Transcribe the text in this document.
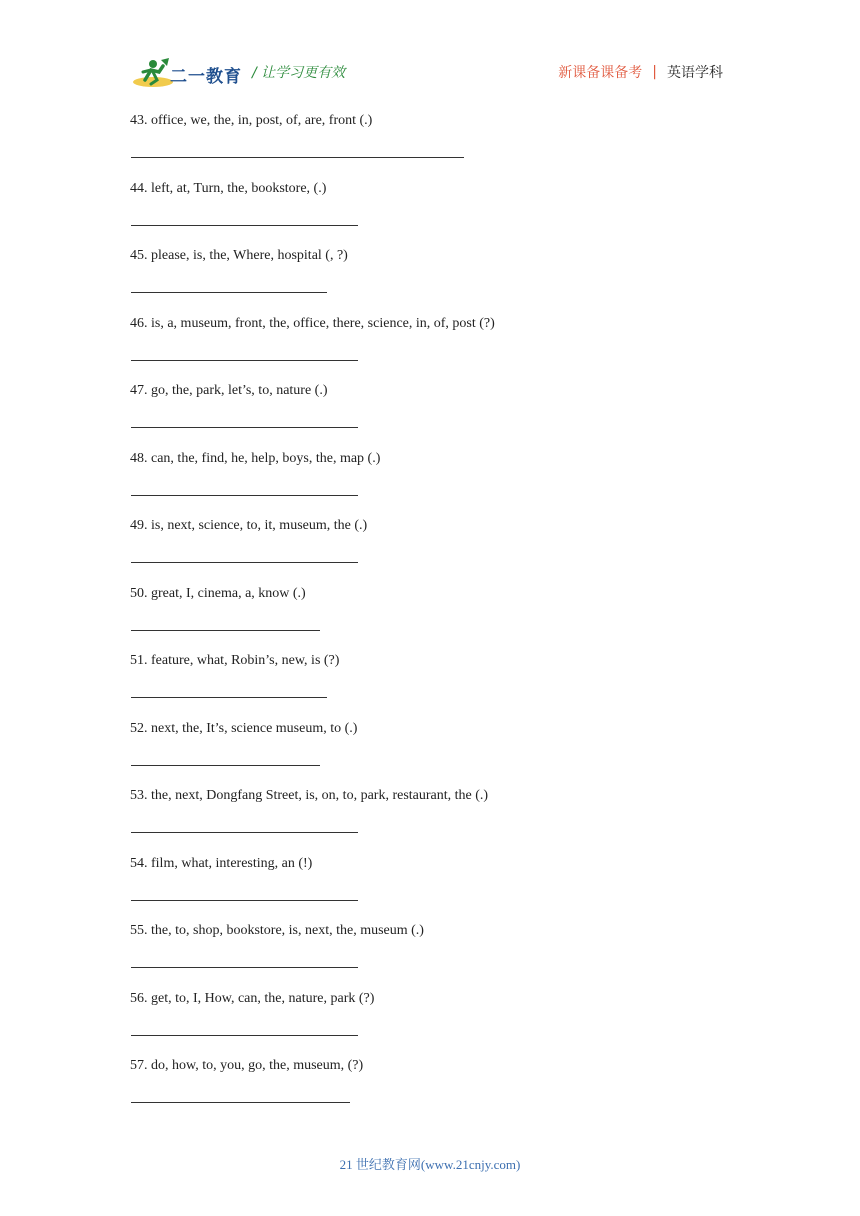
二一教育 / 让学习更有效	新课备课备考 | 英语学科
43. office, we, the, in, post, of, are, front (.)
44. left, at, Turn, the, bookstore, (.)
45. please, is, the, Where, hospital (, ?)
46. is, a, museum, front, the, office, there, science, in, of, post (?)
47. go, the, park, let’s, to, nature (.)
48. can, the, find, he, help, boys, the, map (.)
49. is, next, science, to, it, museum, the (.)
50. great, I, cinema, a, know (.)
51. feature, what, Robin’s, new, is (?)
52. next, the, It’s, science museum, to (.)
53. the, next, Dongfang Street, is, on, to, park, restaurant, the (.)
54. film, what, interesting, an (!)
55. the, to, shop, bookstore, is, next, the, museum (.)
56. get, to, I, How, can, the, nature, park (?)
57. do, how, to, you, go, the, museum, (?)
21 世纪教育网(www.21cnjy.com)
